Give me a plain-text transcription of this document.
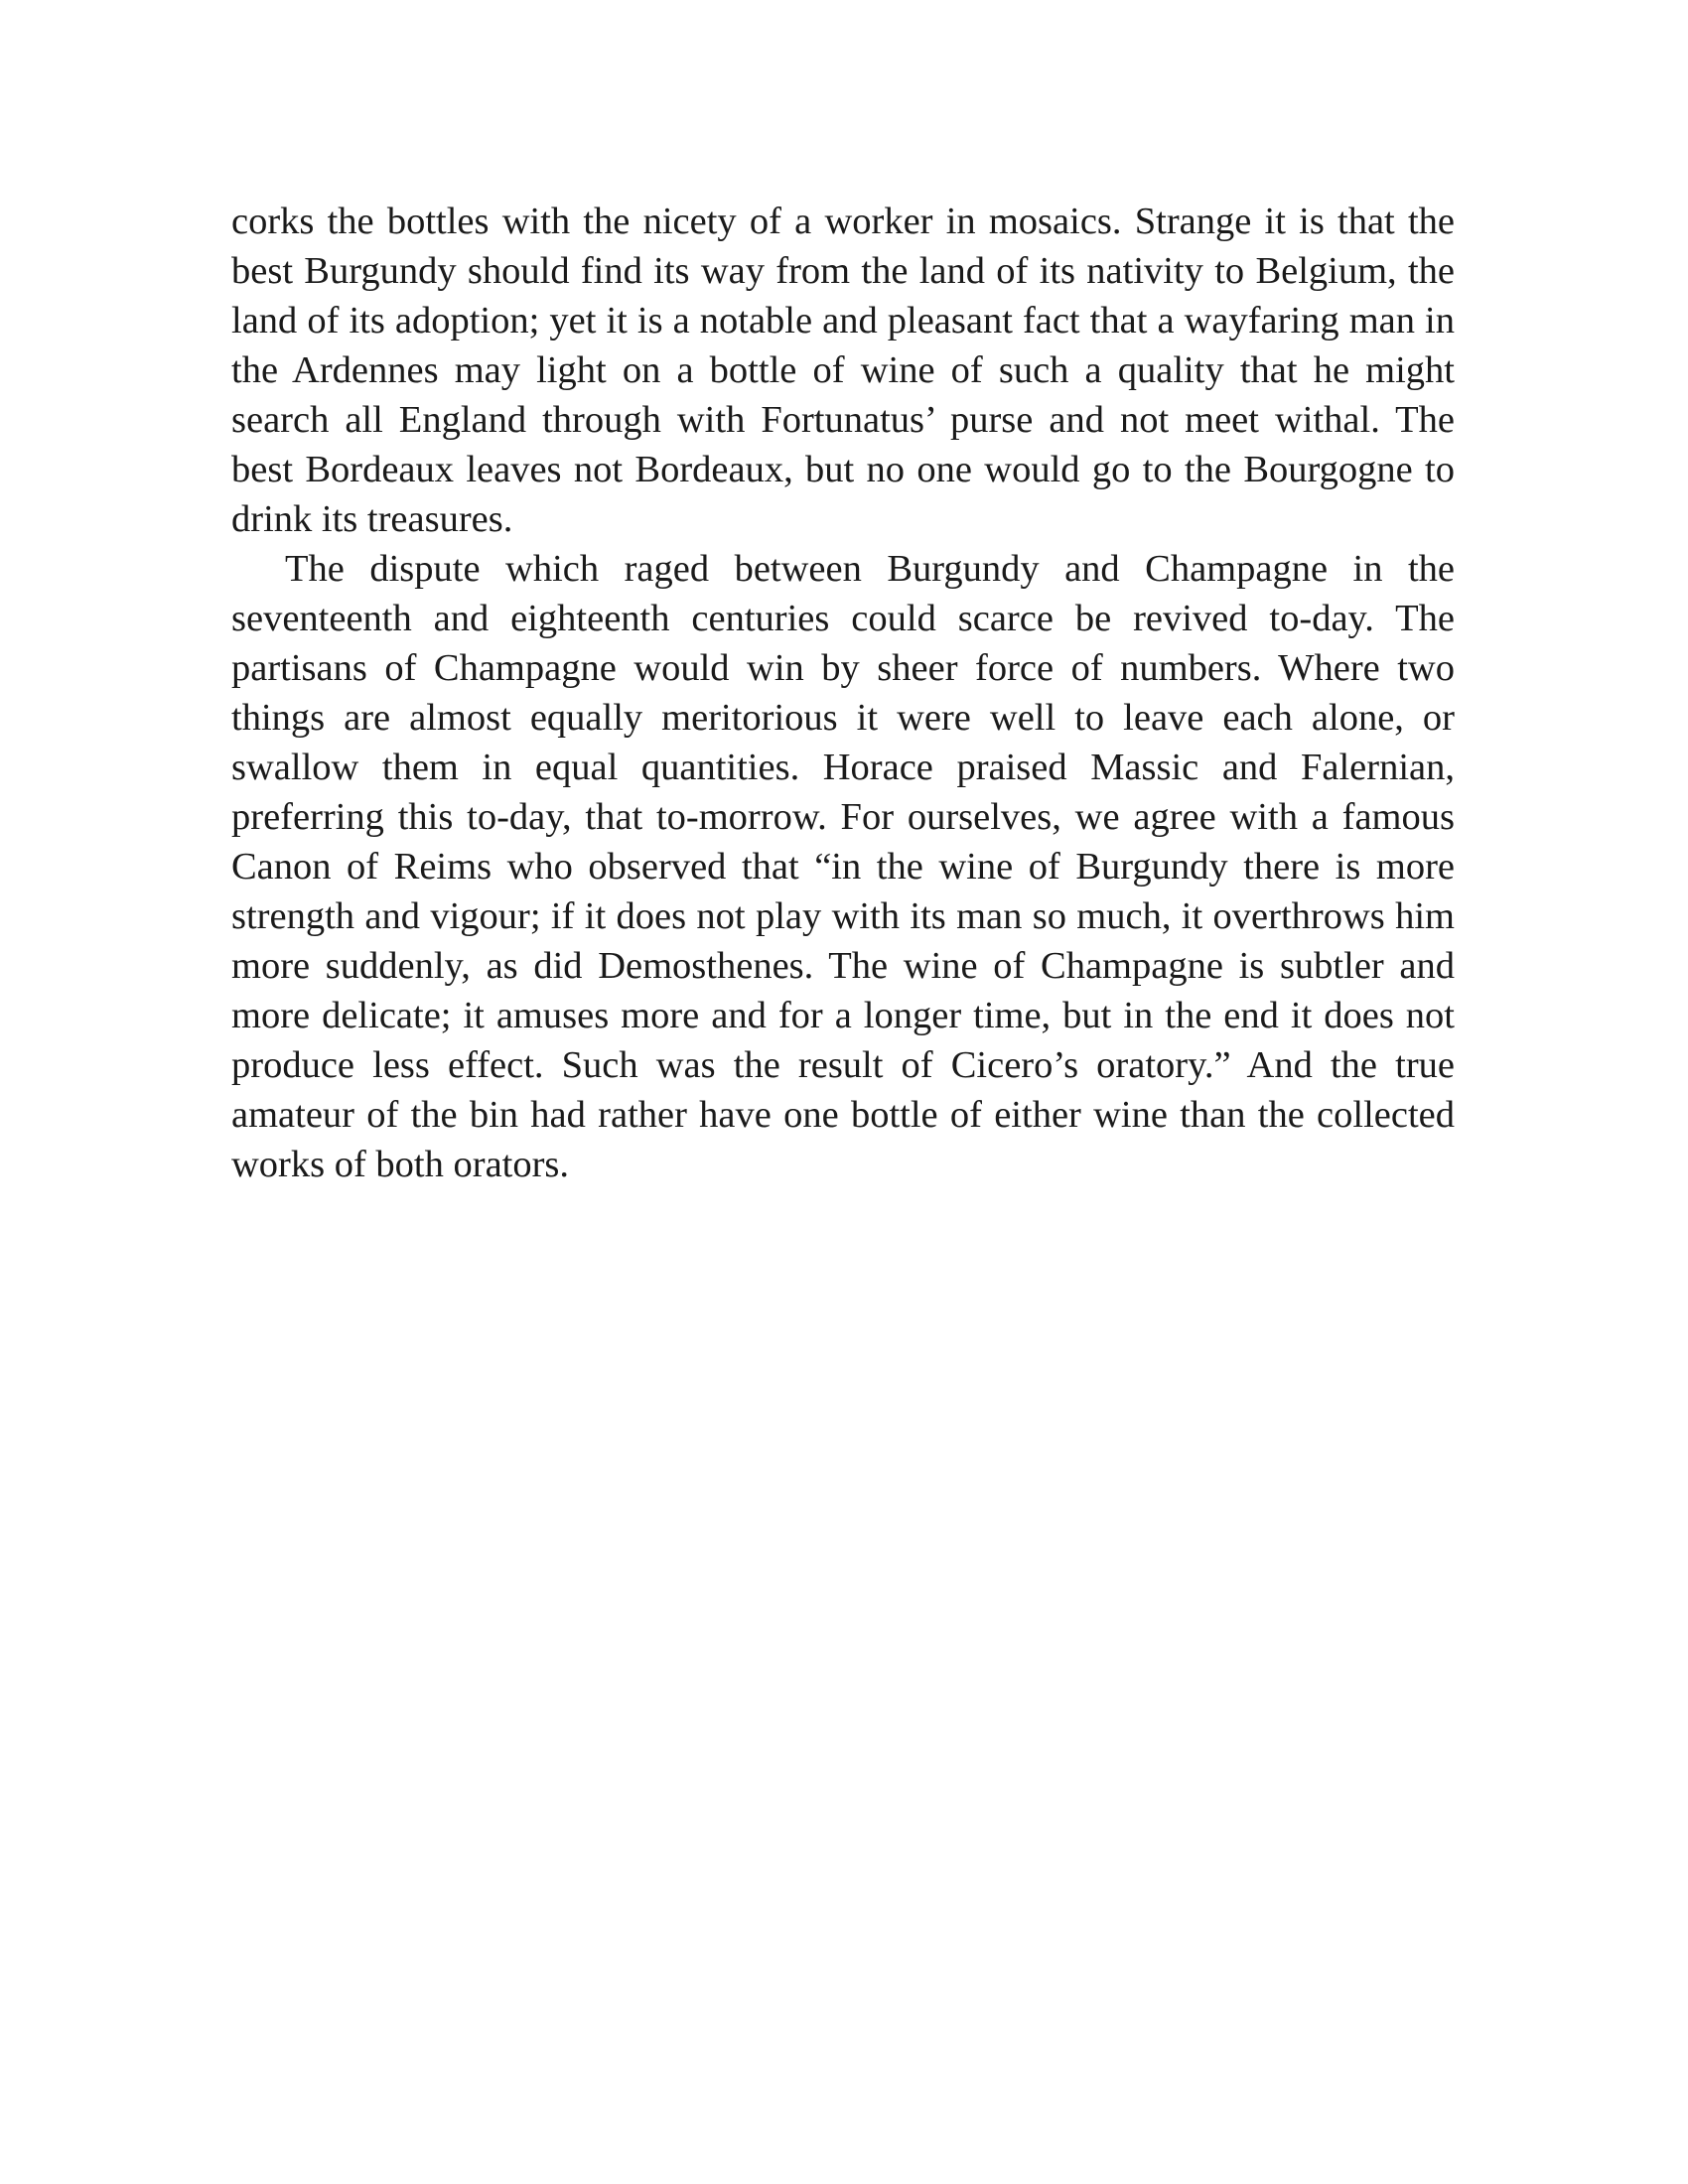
corks the bottles with the nicety of a worker in mosaics. Strange it is that the best Burgundy should find its way from the land of its nativity to Belgium, the land of its adoption; yet it is a notable and pleasant fact that a wayfaring man in the Ardennes may light on a bottle of wine of such a quality that he might search all England through with Fortunatus’ purse and not meet withal. The best Bordeaux leaves not Bordeaux, but no one would go to the Bourgogne to drink its treasures.

The dispute which raged between Burgundy and Champagne in the seventeenth and eighteenth centuries could scarce be revived to-day. The partisans of Champagne would win by sheer force of numbers. Where two things are almost equally meritorious it were well to leave each alone, or swallow them in equal quantities. Horace praised Massic and Falernian, preferring this to-day, that to-morrow. For ourselves, we agree with a famous Canon of Reims who observed that “in the wine of Burgundy there is more strength and vigour; if it does not play with its man so much, it overthrows him more suddenly, as did Demosthenes. The wine of Champagne is subtler and more delicate; it amuses more and for a longer time, but in the end it does not produce less effect. Such was the result of Cicero’s oratory.” And the true amateur of the bin had rather have one bottle of either wine than the collected works of both orators.
